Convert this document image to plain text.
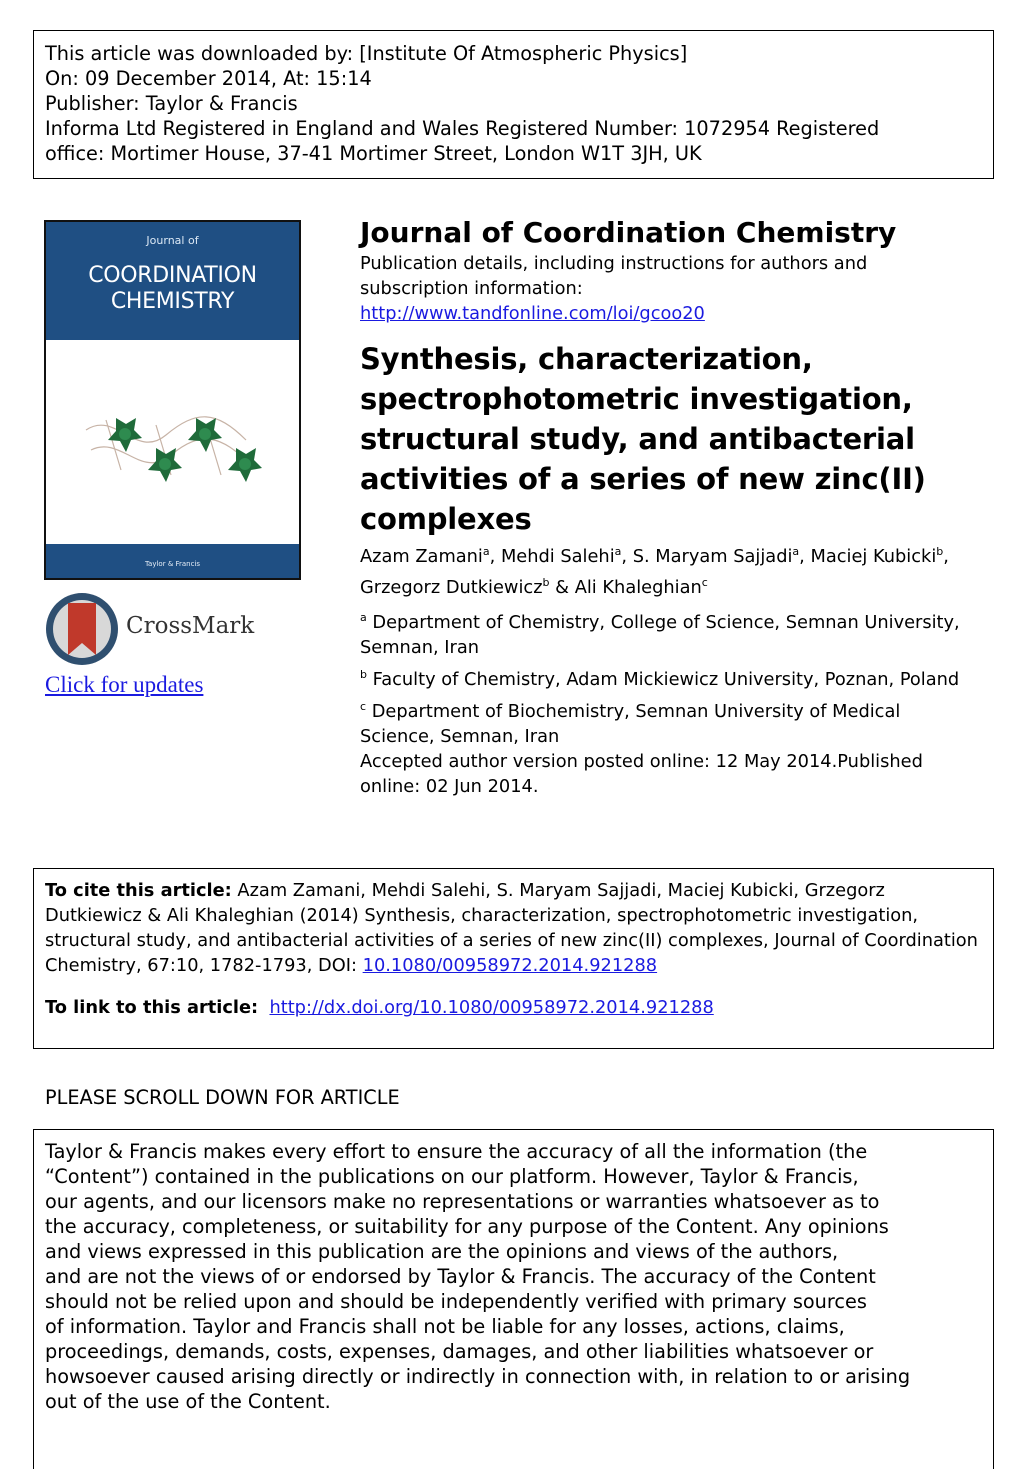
This article was downloaded by: [Institute Of Atmospheric Physics]
On: 09 December 2014, At: 15:14
Publisher: Taylor & Francis
Informa Ltd Registered in England and Wales Registered Number: 1072954 Registered
office: Mortimer House, 37-41 Mortimer Street, London W1T 3JH, UK
Journal of
COORDINATION
CHEMISTRY
Taylor & Francis
CrossMark
Click for updates
Journal of Coordination Chemistry
Publication details, including instructions for authors and subscription information:
http://www.tandfonline.com/loi/gcoo20
Synthesis, characterization, spectrophotometric investigation, structural study, and antibacterial activities of a series of new zinc(II) complexes
Azam Zamani$^a$, Mehdi Salehi$^a$, S. Maryam Sajjadi$^a$, Maciej Kubicki$^b$, Grzegorz Dutkiewicz$^b$ & Ali Khaleghian$^c$
$^a$ Department of Chemistry, College of Science, Semnan University, Semnan, Iran
$^b$ Faculty of Chemistry, Adam Mickiewicz University, Poznan, Poland
$^c$ Department of Biochemistry, Semnan University of Medical Science, Semnan, Iran
Accepted author version posted online: 12 May 2014.Published online: 02 Jun 2014.
To cite this article: Azam Zamani, Mehdi Salehi, S. Maryam Sajjadi, Maciej Kubicki, Grzegorz Dutkiewicz & Ali Khaleghian (2014) Synthesis, characterization, spectrophotometric investigation, structural study, and antibacterial activities of a series of new zinc(II) complexes, Journal of Coordination Chemistry, 67:10, 1782-1793, DOI: 10.1080/00958972.2014.921288
To link to this article: http://dx.doi.org/10.1080/00958972.2014.921288
PLEASE SCROLL DOWN FOR ARTICLE
Taylor & Francis makes every effort to ensure the accuracy of all the information (the
“Content”) contained in the publications on our platform. However, Taylor & Francis,
our agents, and our licensors make no representations or warranties whatsoever as to
the accuracy, completeness, or suitability for any purpose of the Content. Any opinions
and views expressed in this publication are the opinions and views of the authors,
and are not the views of or endorsed by Taylor & Francis. The accuracy of the Content
should not be relied upon and should be independently verified with primary sources
of information. Taylor and Francis shall not be liable for any losses, actions, claims,
proceedings, demands, costs, expenses, damages, and other liabilities whatsoever or
howsoever caused arising directly or indirectly in connection with, in relation to or arising
out of the use of the Content.
